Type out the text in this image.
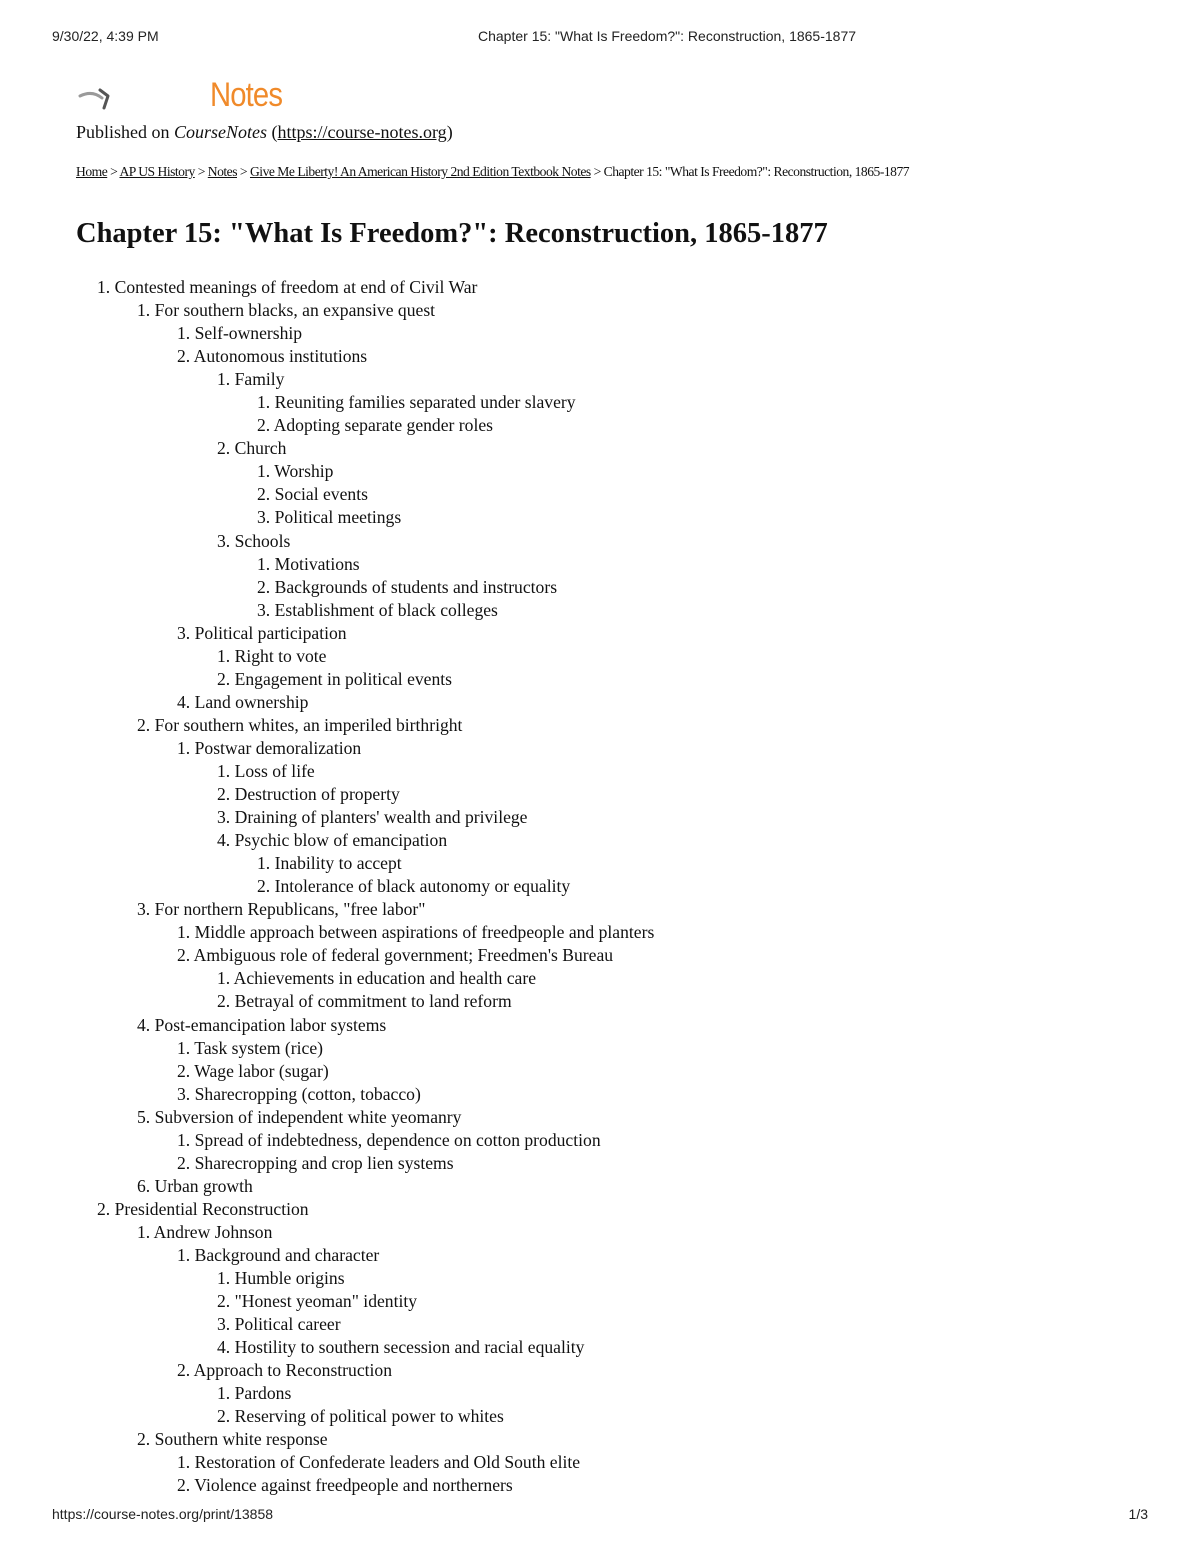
9/30/22, 4:39 PM	Chapter 15: "What Is Freedom?": Reconstruction, 1865-1877
Notes
Published on CourseNotes (https://course-notes.org)
Home > AP US History > Notes > Give Me Liberty! An American History 2nd Edition Textbook Notes > Chapter 15: "What Is Freedom?": Reconstruction, 1865-1877
Chapter 15: "What Is Freedom?": Reconstruction, 1865-1877
1. Contested meanings of freedom at end of Civil War
1. For southern blacks, an expansive quest
1. Self-ownership
2. Autonomous institutions
1. Family
1. Reuniting families separated under slavery
2. Adopting separate gender roles
2. Church
1. Worship
2. Social events
3. Political meetings
3. Schools
1. Motivations
2. Backgrounds of students and instructors
3. Establishment of black colleges
3. Political participation
1. Right to vote
2. Engagement in political events
4. Land ownership
2. For southern whites, an imperiled birthright
1. Postwar demoralization
1. Loss of life
2. Destruction of property
3. Draining of planters' wealth and privilege
4. Psychic blow of emancipation
1. Inability to accept
2. Intolerance of black autonomy or equality
3. For northern Republicans, "free labor"
1. Middle approach between aspirations of freedpeople and planters
2. Ambiguous role of federal government; Freedmen's Bureau
1. Achievements in education and health care
2. Betrayal of commitment to land reform
4. Post-emancipation labor systems
1. Task system (rice)
2. Wage labor (sugar)
3. Sharecropping (cotton, tobacco)
5. Subversion of independent white yeomanry
1. Spread of indebtedness, dependence on cotton production
2. Sharecropping and crop lien systems
6. Urban growth
2. Presidential Reconstruction
1. Andrew Johnson
1. Background and character
1. Humble origins
2. "Honest yeoman" identity
3. Political career
4. Hostility to southern secession and racial equality
2. Approach to Reconstruction
1. Pardons
2. Reserving of political power to whites
2. Southern white response
1. Restoration of Confederate leaders and Old South elite
2. Violence against freedpeople and northerners
https://course-notes.org/print/13858	1/3
